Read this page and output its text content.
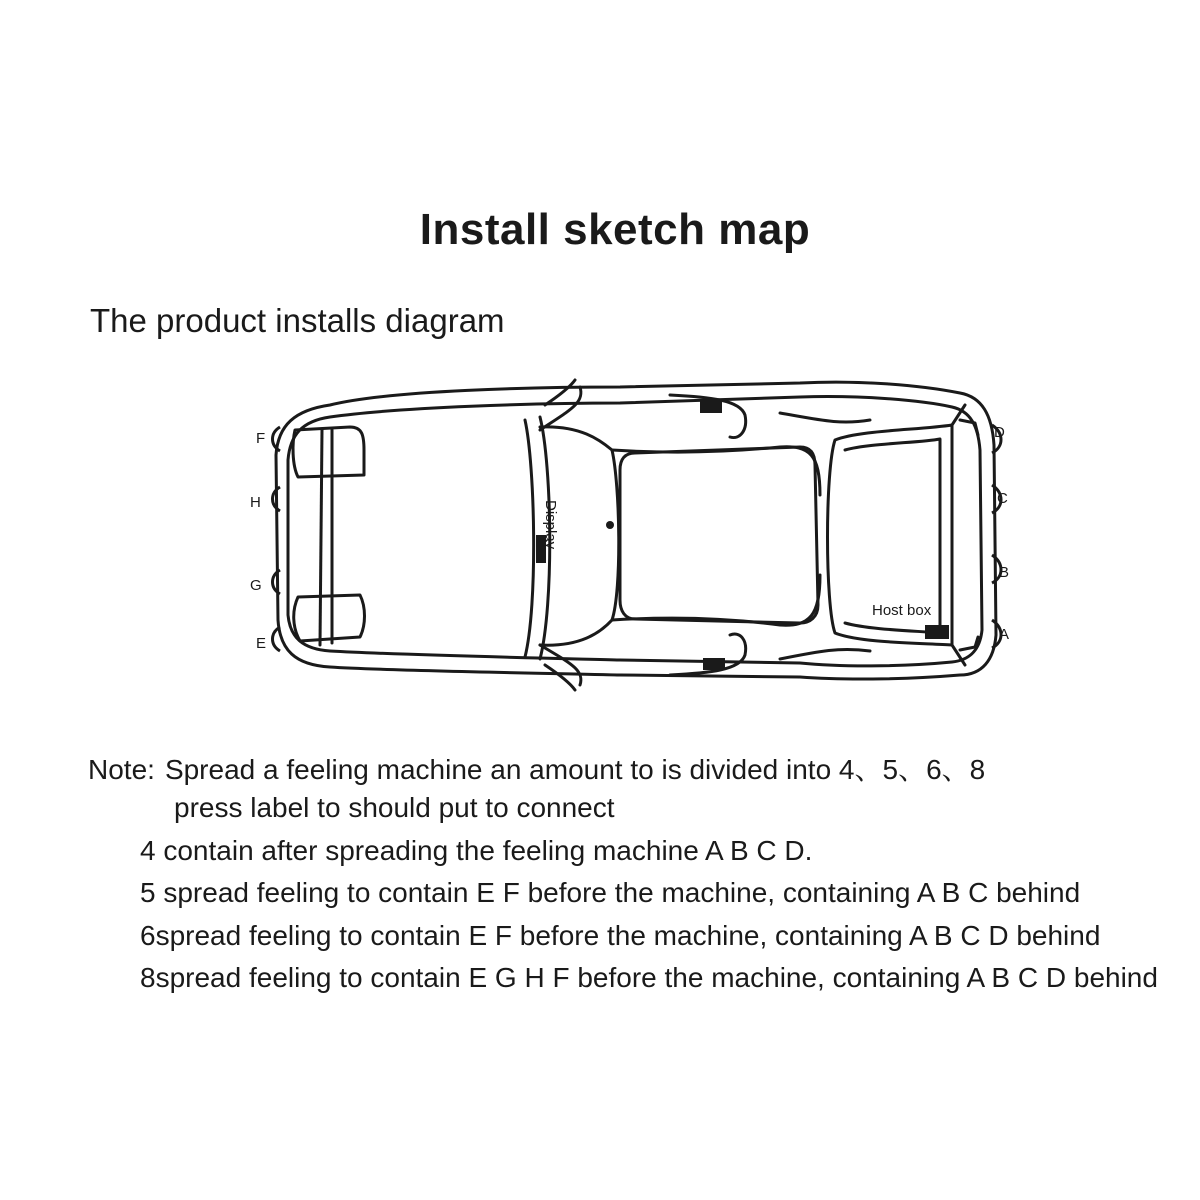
Install sketch map
The product installs diagram
Display
Host box
F
H
G
E
D
C
B
A
Note: Spread a feeling machine an amount to is divided into 4、5、6、8
press label to should put to connect
4 contain after spreading the feeling machine A B C D.
5 spread feeling to contain E F before the machine, containing A B C behind
6spread feeling to contain E F before the machine, containing A B C D behind
8spread feeling to contain E G H F before the machine, containing A B C D behind
